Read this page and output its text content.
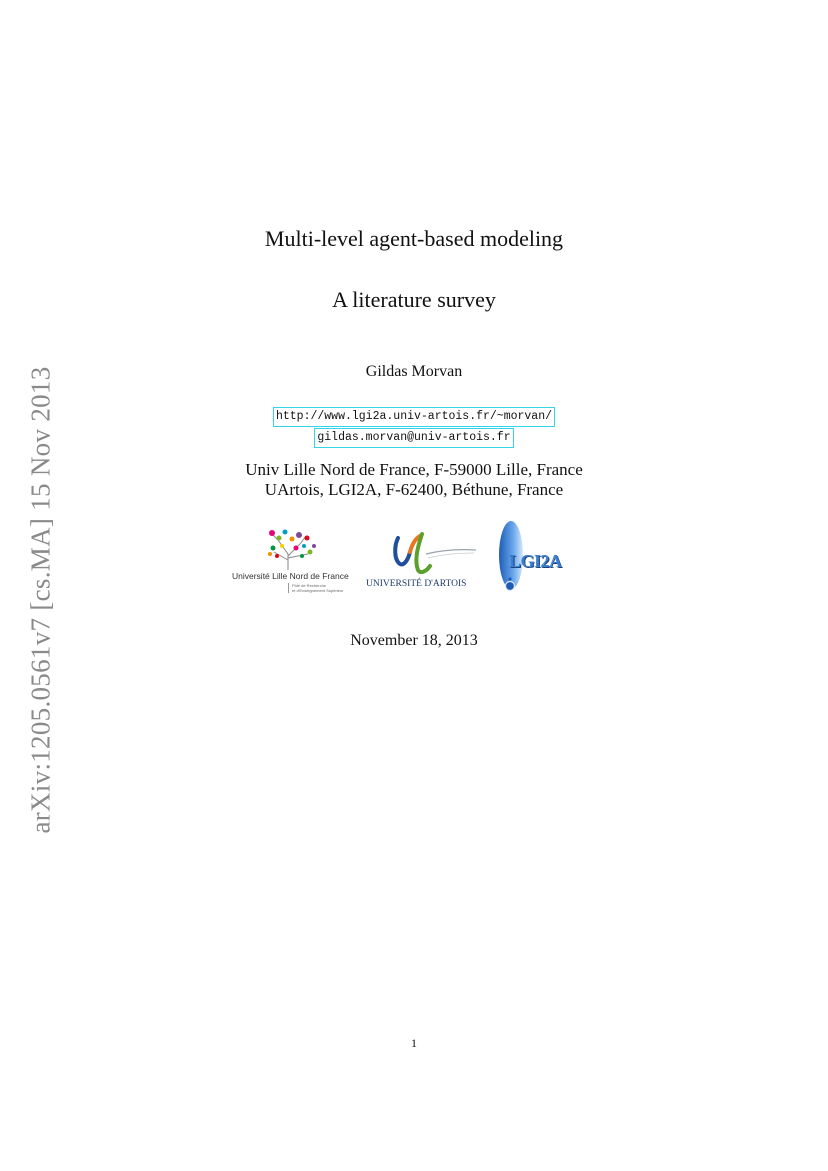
arXiv:1205.0561v7 [cs.MA] 15 Nov 2013
Multi-level agent-based modeling
A literature survey
Gildas Morvan
http://www.lgi2a.univ-artois.fr/~morvan/
gildas.morvan@univ-artois.fr
Univ Lille Nord de France, F-59000 Lille, France
UArtois, LGI2A, F-62400, Béthune, France
Université Lille Nord de France
Pôle de Recherche
et d'Enseignement Supérieur
UNIVERSITÉ D'ARTOIS
LGI2A
November 18, 2013
1
